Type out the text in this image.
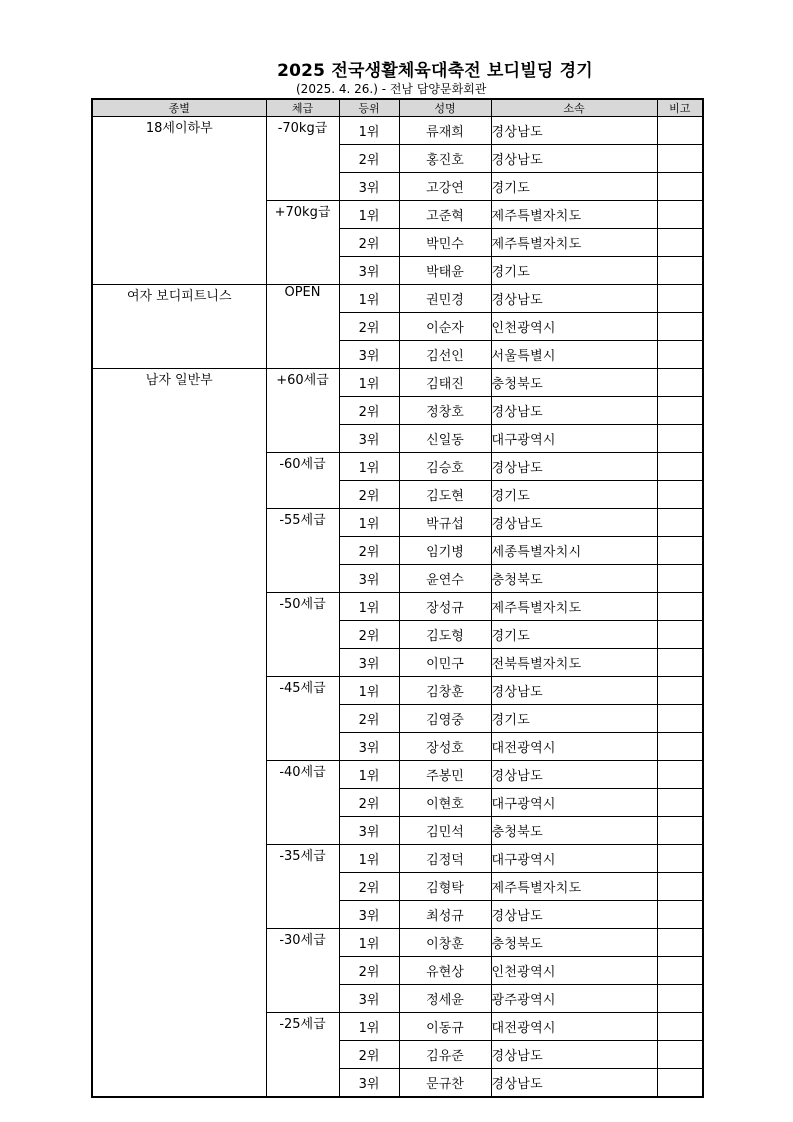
2025 전국생활체육대축전 보디빌딩 경기
(2025. 4. 26.) - 전남 담양문화회관
종별	체급	등위	성명	소속	비고
18세이하부	-70kg급	1위	류재희	경상남도	
		2위	홍진호	경상남도	
		3위	고강연	경기도	
	+70kg급	1위	고준혁	제주특별자치도	
		2위	박민수	제주특별자치도	
		3위	박태윤	경기도	
여자 보디피트니스	OPEN	1위	권민경	경상남도	
		2위	이순자	인천광역시	
		3위	김선인	서울특별시	
남자 일반부	+60세급	1위	김태진	충청북도	
		2위	정창호	경상남도	
		3위	신일동	대구광역시	
	-60세급	1위	김승호	경상남도	
		2위	김도현	경기도	
	-55세급	1위	박규섭	경상남도	
		2위	임기병	세종특별자치시	
		3위	윤연수	충청북도	
	-50세급	1위	장성규	제주특별자치도	
		2위	김도형	경기도	
		3위	이민구	전북특별자치도	
	-45세급	1위	김창훈	경상남도	
		2위	김영중	경기도	
		3위	장성호	대전광역시	
	-40세급	1위	주봉민	경상남도	
		2위	이현호	대구광역시	
		3위	김민석	충청북도	
	-35세급	1위	김정덕	대구광역시	
		2위	김형탁	제주특별자치도	
		3위	최성규	경상남도	
	-30세급	1위	이창훈	충청북도	
		2위	유현상	인천광역시	
		3위	정세윤	광주광역시	
	-25세급	1위	이동규	대전광역시	
		2위	김유준	경상남도	
		3위	문규찬	경상남도	
